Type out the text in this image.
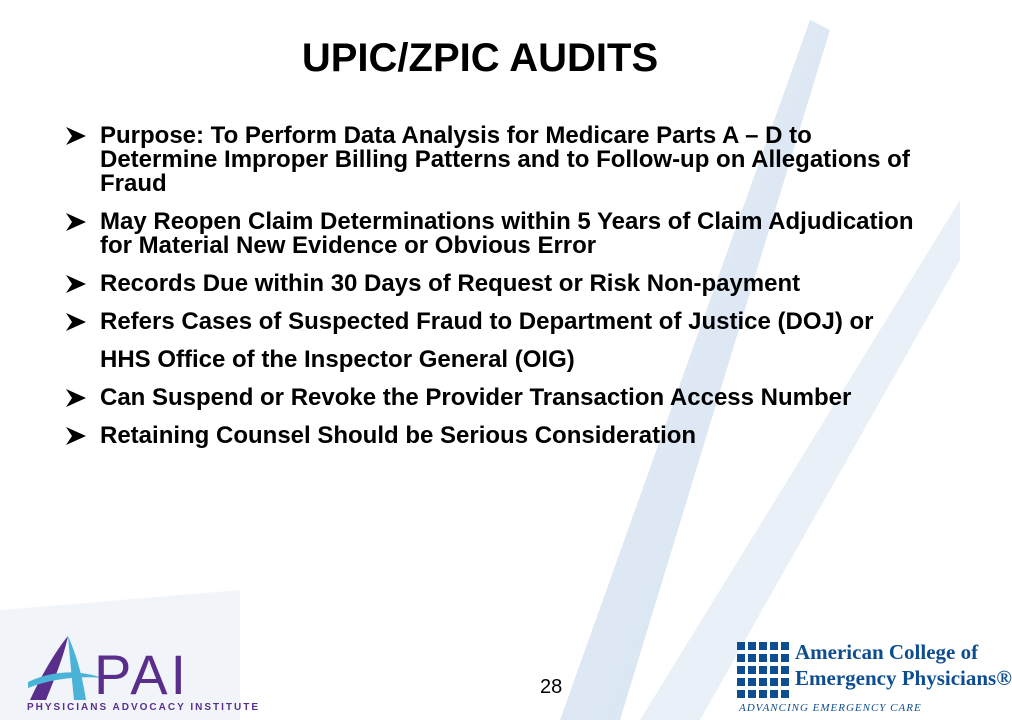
UPIC/ZPIC AUDITS
Purpose: To Perform Data Analysis for Medicare Parts A – D to Determine Improper Billing Patterns and to Follow-up on Allegations of Fraud
May Reopen Claim Determinations within 5 Years of Claim Adjudication for Material New Evidence or Obvious Error
Records Due within 30 Days of Request or Risk Non-payment
Refers Cases of Suspected Fraud to Department of Justice (DOJ) or
HHS Office of the Inspector General (OIG)
Can Suspend or Revoke the Provider Transaction Access Number
Retaining Counsel Should be Serious Consideration
PAI
PHYSICIANS ADVOCACY INSTITUTE
28
American College of
Emergency Physicians®
ADVANCING EMERGENCY CARE
